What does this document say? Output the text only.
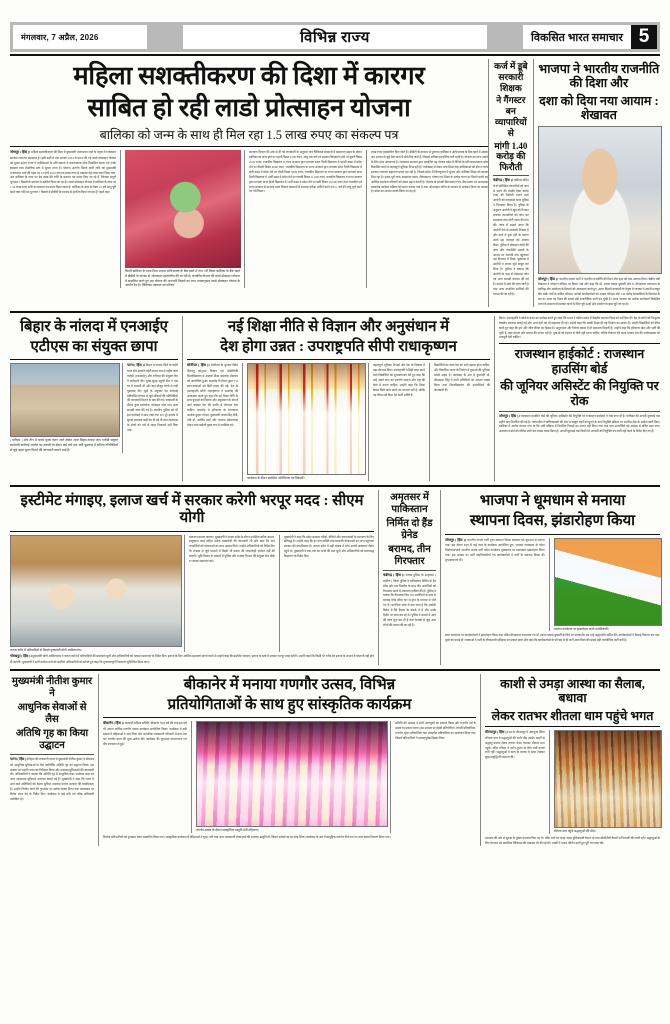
मंगलवार, 7 अप्रैल, 2026	विभिन्न राज्य	विकसित भारत समाचार 5
महिला सशक्तीकरण की दिशा में कारगर
साबित हो रही लाडो प्रोत्साहन योजना
बालिका को जन्म के साथ ही मिल रहा 1.5 लाख रुपए का संकल्प पत्र
जोधपुर ( हिंस )। महिला सशक्तीकरण की दिशा में मुख्यमंत्री भजनलाल शर्मा के नेतृत्व में राजस्थान सरकार लगातार प्रयासरत है। इसी कड़ी में एक अगस्त 2024 से प्रारंभ की गई लाडो प्रोत्साहन योजना का मुख्य उद्देश्य राज्य में बालिकाओं के प्रति समाज में सकारात्मक सोच विकसित करना एवं उनके स्वास्थ्य तथा शैक्षणिक स्तर में सुधार लाना है। योजना अंतर्गत मिलने वाली राशि को मुख्यमंत्री भजनलाल शर्मा की पहल पर 12 मार्च 2025 को एक लाख रुपए से बढ़ाकर डेढ़ लाख रुपए किया गया, अब बालिका के जन्म पर डेढ़ लाख की राशि के संकल्प पत्र प्रदान किए जा रहे हैं, जिनका संपूर्ण भुगतान 7 किस्तों के माध्यम से अंतरित किया जा रहा है। लाडो प्रोत्साहन योजना में बालिका के जन्म पर 1.50 लाख रुपए राशि का संकल्प पत्र प्रदान किया जाता है। बालिका के जन्म से लेकर 21 वर्ष आयु पूरी करने तक राशि का भुगतान 7 किस्तों में डीबीटी के माध्यम से अंतरित किया जा रहा है। पहले जहां
किन्हीं बालिका के माता-पिता अथवा अभिभावक के बैंक खाते में तथा 7वीं किस्त बालिका के बैंक खाते में डीबीटी के माध्यम से ऑनलाइन हस्तांतरित की जा रही है। राजकीय योजना की लाडो प्रोत्साहन योजना में संचालित करते हुए इस योजना की अपनानी किस्तों का लाभ पात्रतानुसार लाडो प्रोत्साहन योजना के अंतर्गत देय है। चिकित्सा, स्वास्थ्य एवं परिवार
कल्याण विभाग की ओर से दी गई जानकारी के अनुसार पात्र चिकित्सा संस्थानों में संस्थागत प्रसव के दौरान बालिका का जन्म होने पर पहली किस्त 2500 रुपए, आयु एक वर्ष एवं समस्त टीकाकरण होने पर दूसरी किस्त 2520 रुपए, राजकीय विद्यालय व राज्य सरकार द्वारा मान्यता प्राप्त निजी विद्यालय में पहली कक्षा में प्रवेश लेने पर तीसरी किस्त 4000 रुपए, राजकीय विद्यालय या राज्य सरकार द्वारा मान्यता प्राप्त निजी विद्यालय में छठी कक्षा में प्रवेश लेने पर चौथी किस्त 5000 रुपए, राजकीय विद्यालय या राज्य सरकार द्वारा मान्यता प्राप्त निजी विद्यालय में 10वीं कक्षा में प्रवेश लेने पर पांचवीं किस्त 11,000 रुपए, राजकीय विद्यालय व राज्य सरकार द्वारा मान्यता प्राप्त निजी विद्यालय में 12वीं कक्षा में प्रवेश लेने पर छठी किस्त 25,000 रुपए तथा राजकीय एवं राज्य सरकार से मान्यता प्राप्त शिक्षण संस्थानों से स्नातक परीक्षा उत्तीर्ण करने एवं 21 वर्ष की आयु पूर्ण करने पर 7वीं किस्त 1
लाख रुपए हस्तांतरित किए जाते हैं। डीबीटी के माध्यम से भुगतान बालिका व अभिभावक के बैंक खाते में अथवा जन आधार से जुड़े बैंक खाते में सीधे दिए जाते हैं, जिससे अधिक पारदर्शिता बनी रहती है। योजना का लाभ उठाने के लिए होना आवश्यक है। राजस्थान सरकार द्वारा संचालित यह योजना प्रदेश में बेटियों के प्रति सकारात्मक सोच विकसित करने में महत्वपूर्ण भूमिका निभा रही है। गर्भावस्था से लेकर उच्च शिक्षा तक बालिकाओं को दौरान राज्य सरकार लगातार सहायता प्रदान कर रही है, जिससे प्रदेश में लिंगानुपात में सुधार और बालिका शिक्षा को बढ़ावा मिल रहा है। प्रसव-पूर्व जांच, संस्थागत प्रसव, टीकाकरण, पोषण एवं शिक्षा के प्रत्येक चरण पर मिलने वाली यह आर्थिक सहायता परिवारों को संबल प्रदान करती है। योजना के प्रभावी क्रियान्वयन पत्र, बैंक खाता एवं आवश्यक दस्तावेज आवेदन प्रक्रिया को सरल बनाया गया है तथा ऑनलाइन पोर्टल के माध्यम से आवेदन किया जा सकता है। प्रदेश का आभार व्यक्त किया जा रहा है।
कर्ज में डूबे सरकारी शिक्षक
ने गैंगस्टर बन व्यापारियों से
मांगी 1.40 करोड़ की फिरौती
चंडीगढ़ ( हिंस )। चंडीगढ़ सहित में दो प्रशिक्षित व्यापारियों को जान से मारने की धमकी देकर करोड़ रुपए की फिरौती मांगने वाले आरोपी को राजस्थान थाना पुलिस ने गिरफ्तार किया है। पुलिस के अनुसार आरोपी ने खुद को गैंगस्टर बताकर व्यापारियों को फोन कर धमकाया तथा मोटी रकम की मांग की। जांच में सामने आया कि आरोपी पेशे से सरकारी शिक्षक है और कर्ज में डूबा होने के कारण उसने इस वारदात को अंजाम दिया। पुलिस ने मोबाइल नंबरों की जांच और तकनीकी साक्ष्यों के आधार पर आरोपी तक पहुंचकर उसे हिरासत में लिया। पूछताछ में आरोपी ने अपना जुर्म कबूल कर लिया है। पुलिस ने बताया कि आरोपी के पास से मोबाइल फोन एवं अन्य सामग्री बरामद की गई है। मामले में आगे की जांच जारी है तथा अन्य संभावित साथियों की तलाश की जा रही है।
भाजपा ने भारतीय राजनीति की दिशा और
दशा को दिया नया आयाम : शेखावत
जोधपुर ( हिंस )। भारतीय जनता पार्टी ने भारतीय राजनीति की दिशा और दशा को नया आयाम दिया। केंद्रीय मंत्री शेखावत ने पोकरण मंदिरम पर विचार रखे और कहा कि डॉ. श्यामा प्रसाद मुखर्जी और पं. दीनदयाल उपाध्याय के पदचिह्न और अंत्योदय के विचारों को आत्मसात करते हुए, अटल बिहारी वाजपेयी के नेतृत्व में भाजपा ने अपनी मजबूत नींव रखी। वर्षों के कठिन परिश्रम, करोड़ों कार्यकर्ताओं को अथक परिश्रम और 140 करोड़ देशवासियों के विश्वास के बल पर आज यह विश्व की सबसे बड़ी राजनीतिक पार्टी बन चुकी है। आज भाजपा का प्रत्येक कार्यकर्ता विकसित भारत के संकल्प को साकार करने के लिए पूरी ऊर्जा और समर्पण के साथ जुटे जा रहा है।
बिहार के नांलदा में एनआईए
एटीएस का संयुक्त छापा
( एटीएस ) और तीन में बताएं मुख्य फतन जाने क्षेत्रांत आज बिहार-नांलदा जांच एजेंसी संयुक्त छापेमारी कार्रवाई अंतर्गत घर तलाशी के दौरान कई घंटों तक चली पूछताछ में संदिग्ध गतिविधियों से जुड़े अहम सुराग मिलने की जानकारी सामने आई है।
पटना ( हिंस )। बिहार में नांलदा जिले के लहेरी थाना क्षेत्र अंतर्गत लहेरी सराय गांव में राष्ट्रीय जांच एजेंसी (एनआईए) और एटीएस की संयुक्त टीम ने छापेमारी की। सुबह-सुबह पहुंची टीम ने एक घर में तलाशी ली और वहां मौजूद लोगों से लंबी पूछताछ की। सूत्रों के अनुसार यह कार्रवाई प्रतिबंधित संगठन से जुड़े संदिग्धों की गतिविधियों की जानकारी मिलने के बाद की गई। छापेमारी के दौरान कुछ दस्तावेज, मोबाइल फोन तथा अन्य सामग्री जब्त की गई है। स्थानीय पुलिस को भी इस कार्रवाई में साथ रखा गया था। पूरे इलाके में सुरक्षा व्यवस्था कड़ी कर दी गई थी तथा आसपास के लोगों को घरों से बाहर निकलने नहीं दिया गया।
नई शिक्षा नीति से विज्ञान और अनुसंधान में
देश होगा उन्नत : उपराष्ट्रपति सीपी राधाकृष्णन
सोनीपत ( हिंस )। सोनीपत के मुरथल स्थित दीनबंधु छोटूराम विज्ञान एवं प्रौद्योगिकी विश्वविद्यालय में आठवां दीक्षा समारोह सोमवार को आयोजित हुआ। समारोह के दौरान कुल 752 छात्र-छात्राओं को डिग्री प्रदान की गई। देश के उपराष्ट्रपति सीपी राधाकृष्णन ने समारोह की अध्यक्षता करते हुए कहा कि नई शिक्षा नीति के साथ युवाओं को विज्ञान और अनुसंधान के क्षेत्र में आगे बढ़कर देश की प्रगति में योगदान देना चाहिए। समारोह में हरियाणा के राज्यपाल अशोक कुमार गोयल, मुख्यमंत्री नायब सिंह सैनी, मंत्री डॉ. अरविंद शर्मा और भाजपा प्रदेशाध्यक्ष मोहन लाल बडौली मुख्य रूप से उपस्थित रहे।
कार्यक्रम के दौरान उपस्थित अतिथिगण एवं विद्यार्थी।
महत्वपूर्ण भूमिका निभाई और देश के विकास में बड़ा योगदान दिया। उपराष्ट्रपति ने डिग्री प्राप्त करने वाले विद्यार्थियों को शुभकामनाएं देते हुए कहा कि उन्हें अपने ज्ञान का उपयोग समाज और राष्ट्र की सेवा में करना चाहिए। उन्होंने कहा कि शिक्षा केवल डिग्री प्राप्त करने का माध्यम नहीं है, बल्कि यह जीवन को दिशा देने वाली शक्ति है।
विद्यार्थियों का लक्ष्य देश को आगे बढ़ाना होना चाहिए, और विकसित भारत के निर्माण में युवाओं की भूमिका सबसे अहम है। कार्यक्रम के अंत में कुलपति प्रो. श्रीप्रकाश सिंह ने सभी अतिथियों का आभार व्यक्त किया तथा विश्वविद्यालय की उपलब्धियों की जानकारी दी।
किया। उपराष्ट्रपति ने कोरोना काल का उल्लेख करते हुए कहा कि भारत ने कठिन समय में वैक्सीन बनाकर विश्व को नई दिशा दी। देश के लोगों को निःशुल्क वैक्सीन उपलब्ध कराई गई और अन्य देशों को भी सहायता दी गई। उन्होंने कहा कि अच्छी शिक्षा ही राष्ट्र निर्माण का आधार है। उन्होंने विद्यार्थियों को प्रेरित करते हुए कहा कि हार और जीत जीवन का हिस्सा है। अनुशासन और निरंतर प्रयास में ही सफलता मिलती है। उन्होंने कहा कि हरियाणा खेल और भर्ती की भूमि है, जहां मेहनत और साहस की परंपरा रही है। युवाओं को मेहनत से पीछे नहीं हटना चाहिए, बल्कि रोजगार देने वाला बनकर देश की अर्थव्यवस्था को मजबूती देनी चाहिए।
राजस्थान हाईकोर्ट : राजस्थान हाउसिंग बोर्ड
की जूनियर असिस्टेंट की नियुक्ति पर रोक
जोधपुर ( हिंस )। राजस्थान हाउसिंग बोर्ड की जूनियर असिस्टेंट की नियुक्ति पर राजस्थान हाईकोर्ट ने रोक लगा दी है। याचिका की अगली सुनवाई एक महीने बाद निर्धारित की गई है। न्यायाधीश ने याचिकाकर्ता की ओर से प्रस्तुत तर्कों को सुनने के बाद नियुक्ति प्रक्रिया पर अंतरिम रोक के आदेश जारी किए। याचिका में आरोप लगाया गया था कि भर्ती प्रक्रिया में निर्धारित नियमों का पालन नहीं किया गया तथा पात्र अभ्यर्थियों को अवसर से वंचित रखा गया। अदालत ने बोर्ड को नोटिस जारी कर जवाब तलब किया है। अगली सुनवाई तक किसी भी अभ्यर्थी को नियुक्ति पत्र जारी नहीं करने के निर्देश दिए गए हैं।
इस्टीमेट मंगाइए, इलाज खर्च में सरकार करेगी भरपूर मदद : सीएम योगी
जनता दर्शन में फरियादियों से मिलते मुख्यमंत्री योगी आदित्यनाथ।
समाधान कराया जाएगा। मुख्यमंत्री ने जनता दर्शन के दौरान उपस्थित करीब आधार, आयुष्मान कार्ड सहित अनेक दस्तावेजों की जानकारी ली और कहा कि पात्र लाभार्थियों को योजनाओं का लाभ अवश्य मिले। उन्होंने अधिकारियों को निर्देश दिए कि राजस्व से जुड़े मामलों में किसी भी प्रकार की लापरवाही बर्दाश्त नहीं की जाएगी। भूमि विवाद के मामलों में पुलिस और राजस्व विभाग की संयुक्त टीम मौके पर जाकर समाधान करे।
मुख्यमंत्री ने कहा कि प्रदेश सरकार गरीबों, वंचितों और जरूरतमंदों के कल्याण के लिए प्रतिबद्ध है। उन्होंने कहा कि हर पात्र व्यक्ति तक सरकारी योजनाओं का लाभ पहुंचाना सरकार की प्राथमिकता है। जनता दर्शन में बड़ी संख्या में लोग अपनी समस्याएं लेकर पहुंचे थे। मुख्यमंत्री ने एक-एक कर सभी की बात सुनी और अधिकारियों को समयबद्ध निस्तारण के निर्देश दिए।
गोरखपुर ( हिंस )। मुख्यमंत्री योगी आदित्यनाथ ने जनता दर्शन में फरियादियों की समस्याएं सुनीं और अधिकारियों को तत्काल समाधान के निर्देश दिए। इलाज के लिए आर्थिक सहायता मांगने वालों से उन्होंने कहा कि इस्टीमेट मंगाइए, इलाज के खर्च में सरकार भरपूर मदद करेगी। उन्होंने कहा कि किसी भी गरीब को इलाज के अभाव में परेशानी नहीं होने दी जाएगी। मुख्यमंत्री ने सभी प्रार्थना-पत्रों को संबंधित अधिकारियों को सौंपते हुए कहा कि गुणवत्तापूर्ण निस्तारण सुनिश्चित किया जाए।
अमृतसर में पाकिस्तान
निर्मित दो हैंड ग्रेनेड
बरामद, तीन गिरफ्तार
चंडीगढ़ ( हिंस )। पंजाब पुलिस के अमृतसर ( ग्रामीण ) जिला पुलिस ने पाकिस्तान निर्मित दो हैंड ग्रेनेड और एक पिस्तौल के साथ तीन आरोपियों को गिरफ्तार करने में सफलता हासिल की है। पुलिस ने बताया कि गिरफ्तार किए गए आरोपियों के पास से बरामद ग्रेनेड सीमा पार से ड्रोन के माध्यम से भेजे गए थे। प्रारंभिक जांच में पता चला है कि आरोपी विदेश में बैठे हैंडलर के संपर्क में थे और उनके निर्देश पर काम कर रहे थे। पुलिस ने मामले में आगे की जांच शुरू कर दी है तथा नेटवर्क से जुड़े अन्य लोगों की तलाश की जा रही है।
भाजपा ने धूमधाम से मनाया
स्थापना दिवस, झंडारोहण किया
जोधपुर ( हिंस )। भारतीय जनता पार्टी द्वारा स्थापना दिवस सोमवार को धूमधाम से मनाया गया। इस दौरान शहर में कई तरह के कार्यक्रम आयोजित हुए। भाजपा राजस्थान के प्रदेश निर्वाचनप्रभारी भारतीय जनता पार्टी प्रदेश कार्यालय मुख्यालय पर प्रातःकाल झंडारोहण किया गया। इस अवसर पर पार्टी पदाधिकारियों एवं कार्यकर्ताओं ने पार्टी के स्थापना दिवस की शुभकामनाएं दीं।
भाजपा कार्यालय पर झंडारोहण करते पदाधिकारी।
सभा कार्यालय पर कार्यकर्ताओं ने झंडारोहण किया तथा पंडित दीनदयाल उपाध्याय एवं डॉ. श्यामा प्रसाद मुखर्जी के चित्र पर माल्यार्पण कर उन्हें श्रद्धांजलि अर्पित की। कार्यकर्ताओं ने मिठाई वितरण कर एक-दूसरे को बधाई दी। वक्ताओं ने पार्टी के गौरवशाली इतिहास पर प्रकाश डाला और कहा कि कार्यकर्ताओं के परिश्रम से ही पार्टी आज विश्व की सबसे बड़ी राजनीतिक पार्टी बनी है।
मुख्यमंत्री नीतीश कुमार ने
आधुनिक सेवाओं से लैस
अतिथि गृह का किया उद्घाटन
पटना ( हिंस )। बिहार की राजधानी पटना में मुख्यमंत्री नीतीश कुमार ने सोमवार को आधुनिक सुविधाओं से लैस नवनिर्मित अतिथि गृह का उद्घाटन किया। इस अवसर पर उन्होंने भवन का निरीक्षण किया और उपलब्ध सुविधाओं की जानकारी ली। अधिकारियों ने बताया कि अतिथि गृह में आधुनिक कक्ष, सम्मेलन कक्ष एवं अन्य आवश्यक सुविधाएं उपलब्ध कराई गई हैं। मुख्यमंत्री ने कहा कि राज्य में आने वाले अतिथियों को बेहतर सुविधा उपलब्ध कराना सरकार की प्राथमिकता है। उन्होंने निर्माण कार्य की गुणवत्ता पर संतोष व्यक्त किया तथा रखरखाव पर विशेष ध्यान देने के निर्देश दिए। कार्यक्रम में कई मंत्री एवं वरिष्ठ अधिकारी उपस्थित रहे।
बीकानेर में मनाया गणगौर उत्सव, विभिन्न
प्रतियोगिताओं के साथ हुए सांस्कृतिक कार्यक्रम
बीकानेर ( हिंस )। मारवाड़ी महिला समिति, बीकानेर ने हर वर्ष की तरह इस वर्ष भी अपना वार्षिक गणगौर उत्सव कार्यक्रम आयोजित किया। कार्यक्रम में बड़ी संख्या में महिलाओं ने भाग लिया और पारंपरिक राजस्थानी परिधानों में सज-धज कर गणगौर माता की पूजा-अर्चना की। कार्यक्रम की शुरुआत मंगलाचरण एवं दीप प्रज्वलन से हुई।
गणगौर उत्सव के दौरान सांस्कृतिक प्रस्तुति देतीं महिलाएं।
समिति की अध्यक्ष ने सभी आगंतुकों का स्वागत किया और गणगौर पर्व के महत्व पर प्रकाश डाला। इस अवसर पर मेहंदी प्रतियोगिता, रंगोली प्रतियोगिता, गणगौर श्रृंगार प्रतियोगिता तथा लोकगीत प्रतियोगिता का आयोजन किया गया, जिसमें प्रतिभागियों ने उत्साहपूर्वक हिस्सा लिया।
विजेता प्रतिभागियों को पुरस्कार देकर सम्मानित किया गया। सांस्कृतिक कार्यक्रम में महिलाओं ने घूमर, चरी तथा अन्य राजस्थानी लोकनृत्यों की शानदार प्रस्तुति दी, जिसने दर्शकों का मन मोह लिया। कार्यक्रम के अंत में सामूहिक गणगौर गीत गाए गए तथा प्रसाद वितरण किया गया।
काशी से उमड़ा आस्था का सैलाब, बधावा
लेकर रातभर शीतला धाम पहुंचे भगत
मीरजापुर ( हिंस )। उप्र के मीरजापुर में अष्टभुजा स्थित शीतला धाम में श्रद्धालुओं की भारी भीड़ उमड़ी। काशी से श्रद्धालु बधावा लेकर रातभर पैदल चलकर शीतला धाम पहुंचे। मंदिर परिसर में दर्शन-पूजन के लिए लंबी कतारें लगी रहीं। श्रद्धालुओं ने माता के दरबार में मत्था टेककर सुख-समृद्धि की कामना की।
शीतला धाम पहुंचे श्रद्धालुओं की भीड़।
प्रशासन की ओर से सुरक्षा के पुख्ता इंतजाम किए गए थे। मंदिर मार्ग पर जगह-जगह पुलिसकर्मी तैनात रहे तथा सीसीटीवी कैमरों से निगरानी की जाती रही। श्रद्धालुओं के लिए पेयजल एवं प्राथमिक चिकित्सा की व्यवस्था भी की गई थी। भक्तों ने भजन-कीर्तन करते हुए पूरी रात यात्रा की।
